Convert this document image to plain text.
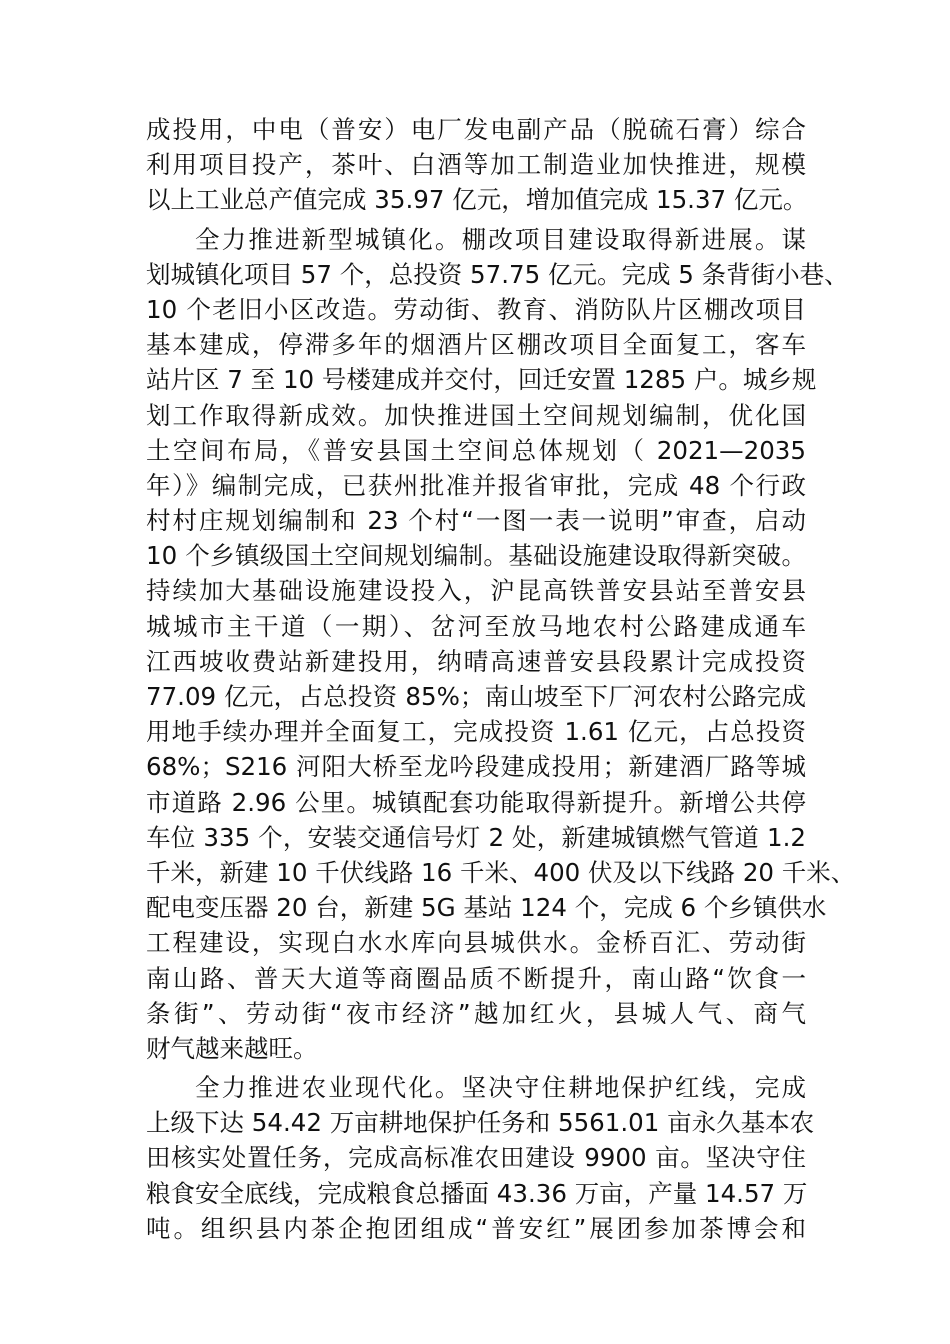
成投用，中电（普安）电厂发电副产品（脱硫石膏）综合
利用项目投产，茶叶、白酒等加工制造业加快推进，规模
以上工业总产值完成 35.97 亿元，增加值完成 15.37 亿元。
全力推进新型城镇化。棚改项目建设取得新进展。谋
划城镇化项目 57 个，总投资 57.75 亿元。完成 5 条背街小巷、
10 个老旧小区改造。劳动街、教育、消防队片区棚改项目
基本建成，停滞多年的烟酒片区棚改项目全面复工，客车
站片区 7 至 10 号楼建成并交付，回迁安置 1285 户。城乡规
划工作取得新成效。加快推进国土空间规划编制，优化国
土空间布局，《普安县国土空间总体规划（ 2021—2035
年）》编制完成，已获州批准并报省审批，完成 48 个行政
村村庄规划编制和 23 个村“一图一表一说明”审查，启动
10 个乡镇级国土空间规划编制。基础设施建设取得新突破。
持续加大基础设施建设投入，沪昆高铁普安县站至普安县
城城市主干道（一期）、岔河至放马地农村公路建成通车
江西坡收费站新建投用，纳晴高速普安县段累计完成投资
77.09 亿元，占总投资 85%；南山坡至下厂河农村公路完成
用地手续办理并全面复工，完成投资 1.61 亿元，占总投资
68%；S216 河阳大桥至龙吟段建成投用；新建酒厂路等城
市道路 2.96 公里。城镇配套功能取得新提升。新增公共停
车位 335 个，安装交通信号灯 2 处，新建城镇燃气管道 1.2
千米，新建 10 千伏线路 16 千米、400 伏及以下线路 20 千米、
配电变压器 20 台，新建 5G 基站 124 个，完成 6 个乡镇供水
工程建设，实现白水水库向县城供水。金桥百汇、劳动街
南山路、普天大道等商圈品质不断提升，南山路“饮食一
条街”、劳动街“夜市经济”越加红火，县城人气、商气
财气越来越旺。
全力推进农业现代化。坚决守住耕地保护红线，完成
上级下达 54.42 万亩耕地保护任务和 5561.01 亩永久基本农
田核实处置任务，完成高标准农田建设 9900 亩。坚决守住
粮食安全底线，完成粮食总播面 43.36 万亩，产量 14.57 万
吨。组织县内茶企抱团组成“普安红”展团参加茶博会和
